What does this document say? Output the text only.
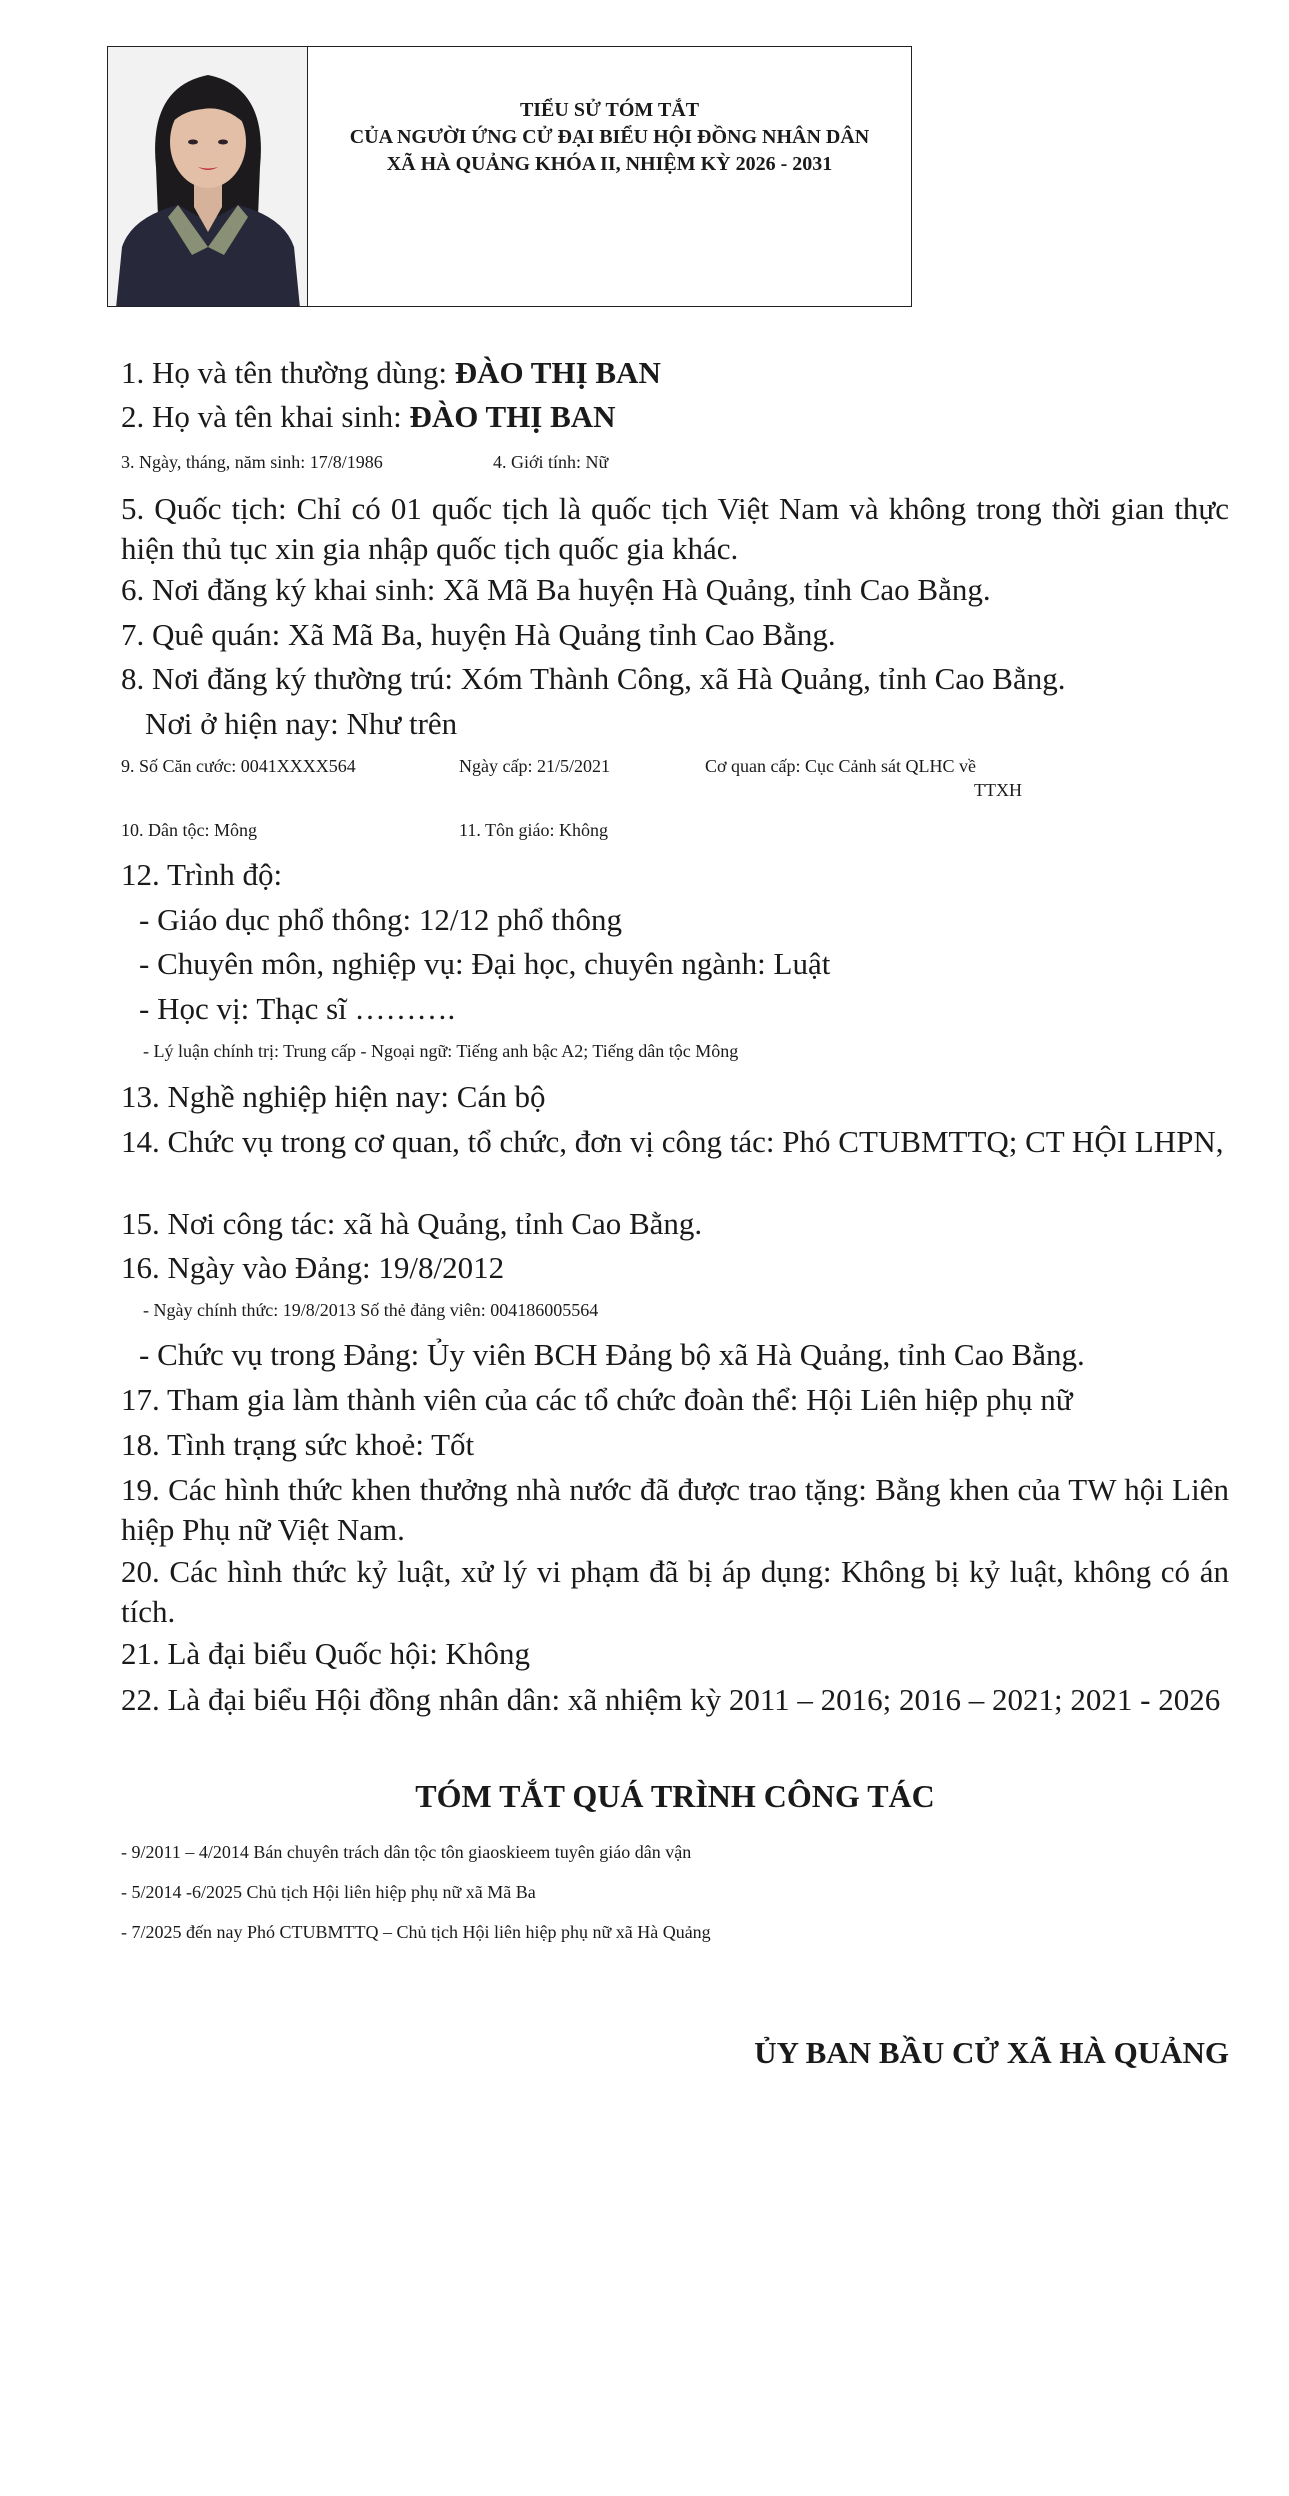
TIỂU SỬ TÓM TẮT
CỦA NGƯỜI ỨNG CỬ ĐẠI BIỂU HỘI ĐỒNG NHÂN DÂN
XÃ HÀ QUẢNG KHÓA II, NHIỆM KỲ 2026 - 2031
1. Họ và tên thường dùng: ĐÀO THỊ BAN
2. Họ và tên khai sinh: ĐÀO THỊ BAN
3. Ngày, tháng, năm sinh: 17/8/1986	4. Giới tính: Nữ
5. Quốc tịch: Chỉ có 01 quốc tịch là quốc tịch Việt Nam và không trong thời gian thực hiện thủ tục xin gia nhập quốc tịch quốc gia khác.
6. Nơi đăng ký khai sinh: Xã Mã Ba huyện Hà Quảng, tỉnh Cao Bằng.
7. Quê quán: Xã Mã Ba, huyện Hà Quảng tỉnh Cao Bằng.
8. Nơi đăng ký thường trú: Xóm Thành Công, xã Hà Quảng, tỉnh Cao Bằng.
Nơi ở hiện nay: Như trên
9. Số Căn cước: 0041XXXX564	Ngày cấp: 21/5/2021	Cơ quan cấp: Cục Cảnh sát QLHC về
TTXH
10. Dân tộc: Mông	11. Tôn giáo: Không
12. Trình độ:
- Giáo dục phổ thông: 12/12 phổ thông
- Chuyên môn, nghiệp vụ: Đại học, chuyên ngành: Luật
- Học vị: Thạc sĩ ……….
- Lý luận chính trị: Trung cấp - Ngoại ngữ: Tiếng anh bậc A2; Tiếng dân tộc Mông
13. Nghề nghiệp hiện nay: Cán bộ
14. Chức vụ trong cơ quan, tổ chức, đơn vị công tác: Phó CTUBMTTQ; CT HỘI LHPN,
15. Nơi công tác: xã hà Quảng, tỉnh Cao Bằng.
16. Ngày vào Đảng: 19/8/2012
- Ngày chính thức: 19/8/2013 Số thẻ đảng viên: 004186005564
- Chức vụ trong Đảng: Ủy viên BCH Đảng bộ xã Hà Quảng, tỉnh Cao Bằng.
17. Tham gia làm thành viên của các tổ chức đoàn thể: Hội Liên hiệp phụ nữ
18. Tình trạng sức khoẻ: Tốt
19. Các hình thức khen thưởng nhà nước đã được trao tặng: Bằng khen của TW hội Liên hiệp Phụ nữ Việt Nam.
20. Các hình thức kỷ luật, xử lý vi phạm đã bị áp dụng: Không bị kỷ luật, không có án tích.
21. Là đại biểu Quốc hội: Không
22. Là đại biểu Hội đồng nhân dân: xã nhiệm kỳ 2011 – 2016; 2016 – 2021; 2021 - 2026
TÓM TẮT QUÁ TRÌNH CÔNG TÁC
- 9/2011 – 4/2014 Bán chuyên trách dân tộc tôn giaoskieem tuyên giáo dân vận
- 5/2014 -6/2025 Chủ tịch Hội liên hiệp phụ nữ xã Mã Ba
- 7/2025 đến nay Phó CTUBMTTQ – Chủ tịch Hội liên hiệp phụ nữ xã Hà Quảng
ỦY BAN BẦU CỬ XÃ HÀ QUẢNG
